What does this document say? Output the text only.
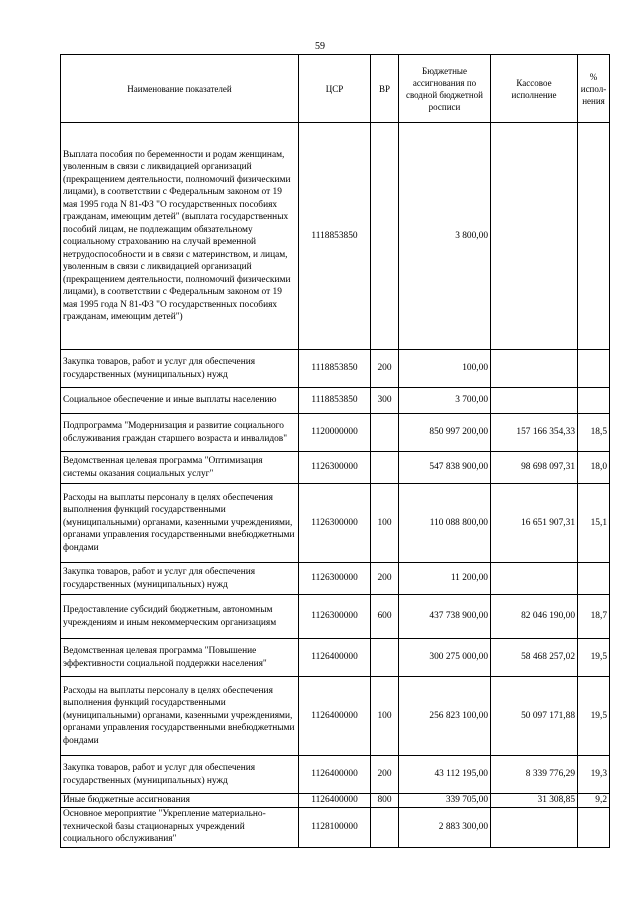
59
Наименование показателей	ЦСР	ВР	Бюджетные ассигнования по сводной бюджетной росписи	Кассовое исполнение	% испол-нения
Выплата пособия по беременности и родам женщинам, уволенным в связи с ликвидацией организаций (прекращением деятельности, полномочий физическими лицами), в соответствии с Федеральным законом от 19 мая 1995 года N 81-ФЗ "О государственных пособиях гражданам, имеющим детей" (выплата государственных пособий лицам, не подлежащим обязательному социальному страхованию на случай временной нетрудоспособности и в связи с материнством, и лицам, уволенным в связи с ликвидацией организаций (прекращением деятельности, полномочий физическими лицами), в соответствии с Федеральным законом от 19 мая 1995 года N 81-ФЗ "О государственных пособиях гражданам, имеющим детей")	1118853850		3 800,00		
Закупка товаров, работ и услуг для обеспечения государственных (муниципальных) нужд	1118853850	200	100,00		
Социальное обеспечение и иные выплаты населению	1118853850	300	3 700,00		
Подпрограмма "Модернизация и развитие социального обслуживания граждан старшего возраста и инвалидов"	1120000000		850 997 200,00	157 166 354,33	18,5
Ведомственная целевая программа "Оптимизация системы оказания социальных услуг"	1126300000		547 838 900,00	98 698 097,31	18,0
Расходы на выплаты персоналу в целях обеспечения выполнения функций государственными (муниципальными) органами, казенными учреждениями, органами управления государственными внебюджетными фондами	1126300000	100	110 088 800,00	16 651 907,31	15,1
Закупка товаров, работ и услуг для обеспечения государственных (муниципальных) нужд	1126300000	200	11 200,00		
Предоставление субсидий бюджетным, автономным учреждениям и иным некоммерческим организациям	1126300000	600	437 738 900,00	82 046 190,00	18,7
Ведомственная целевая программа "Повышение эффективности социальной поддержки населения"	1126400000		300 275 000,00	58 468 257,02	19,5
Расходы на выплаты персоналу в целях обеспечения выполнения функций государственными (муниципальными) органами, казенными учреждениями, органами управления государственными внебюджетными фондами	1126400000	100	256 823 100,00	50 097 171,88	19,5
Закупка товаров, работ и услуг для обеспечения государственных (муниципальных) нужд	1126400000	200	43 112 195,00	8 339 776,29	19,3
Иные бюджетные ассигнования	1126400000	800	339 705,00	31 308,85	9,2
Основное мероприятие "Укрепление материально-технической базы стационарных учреждений социального обслуживания"	1128100000		2 883 300,00		
